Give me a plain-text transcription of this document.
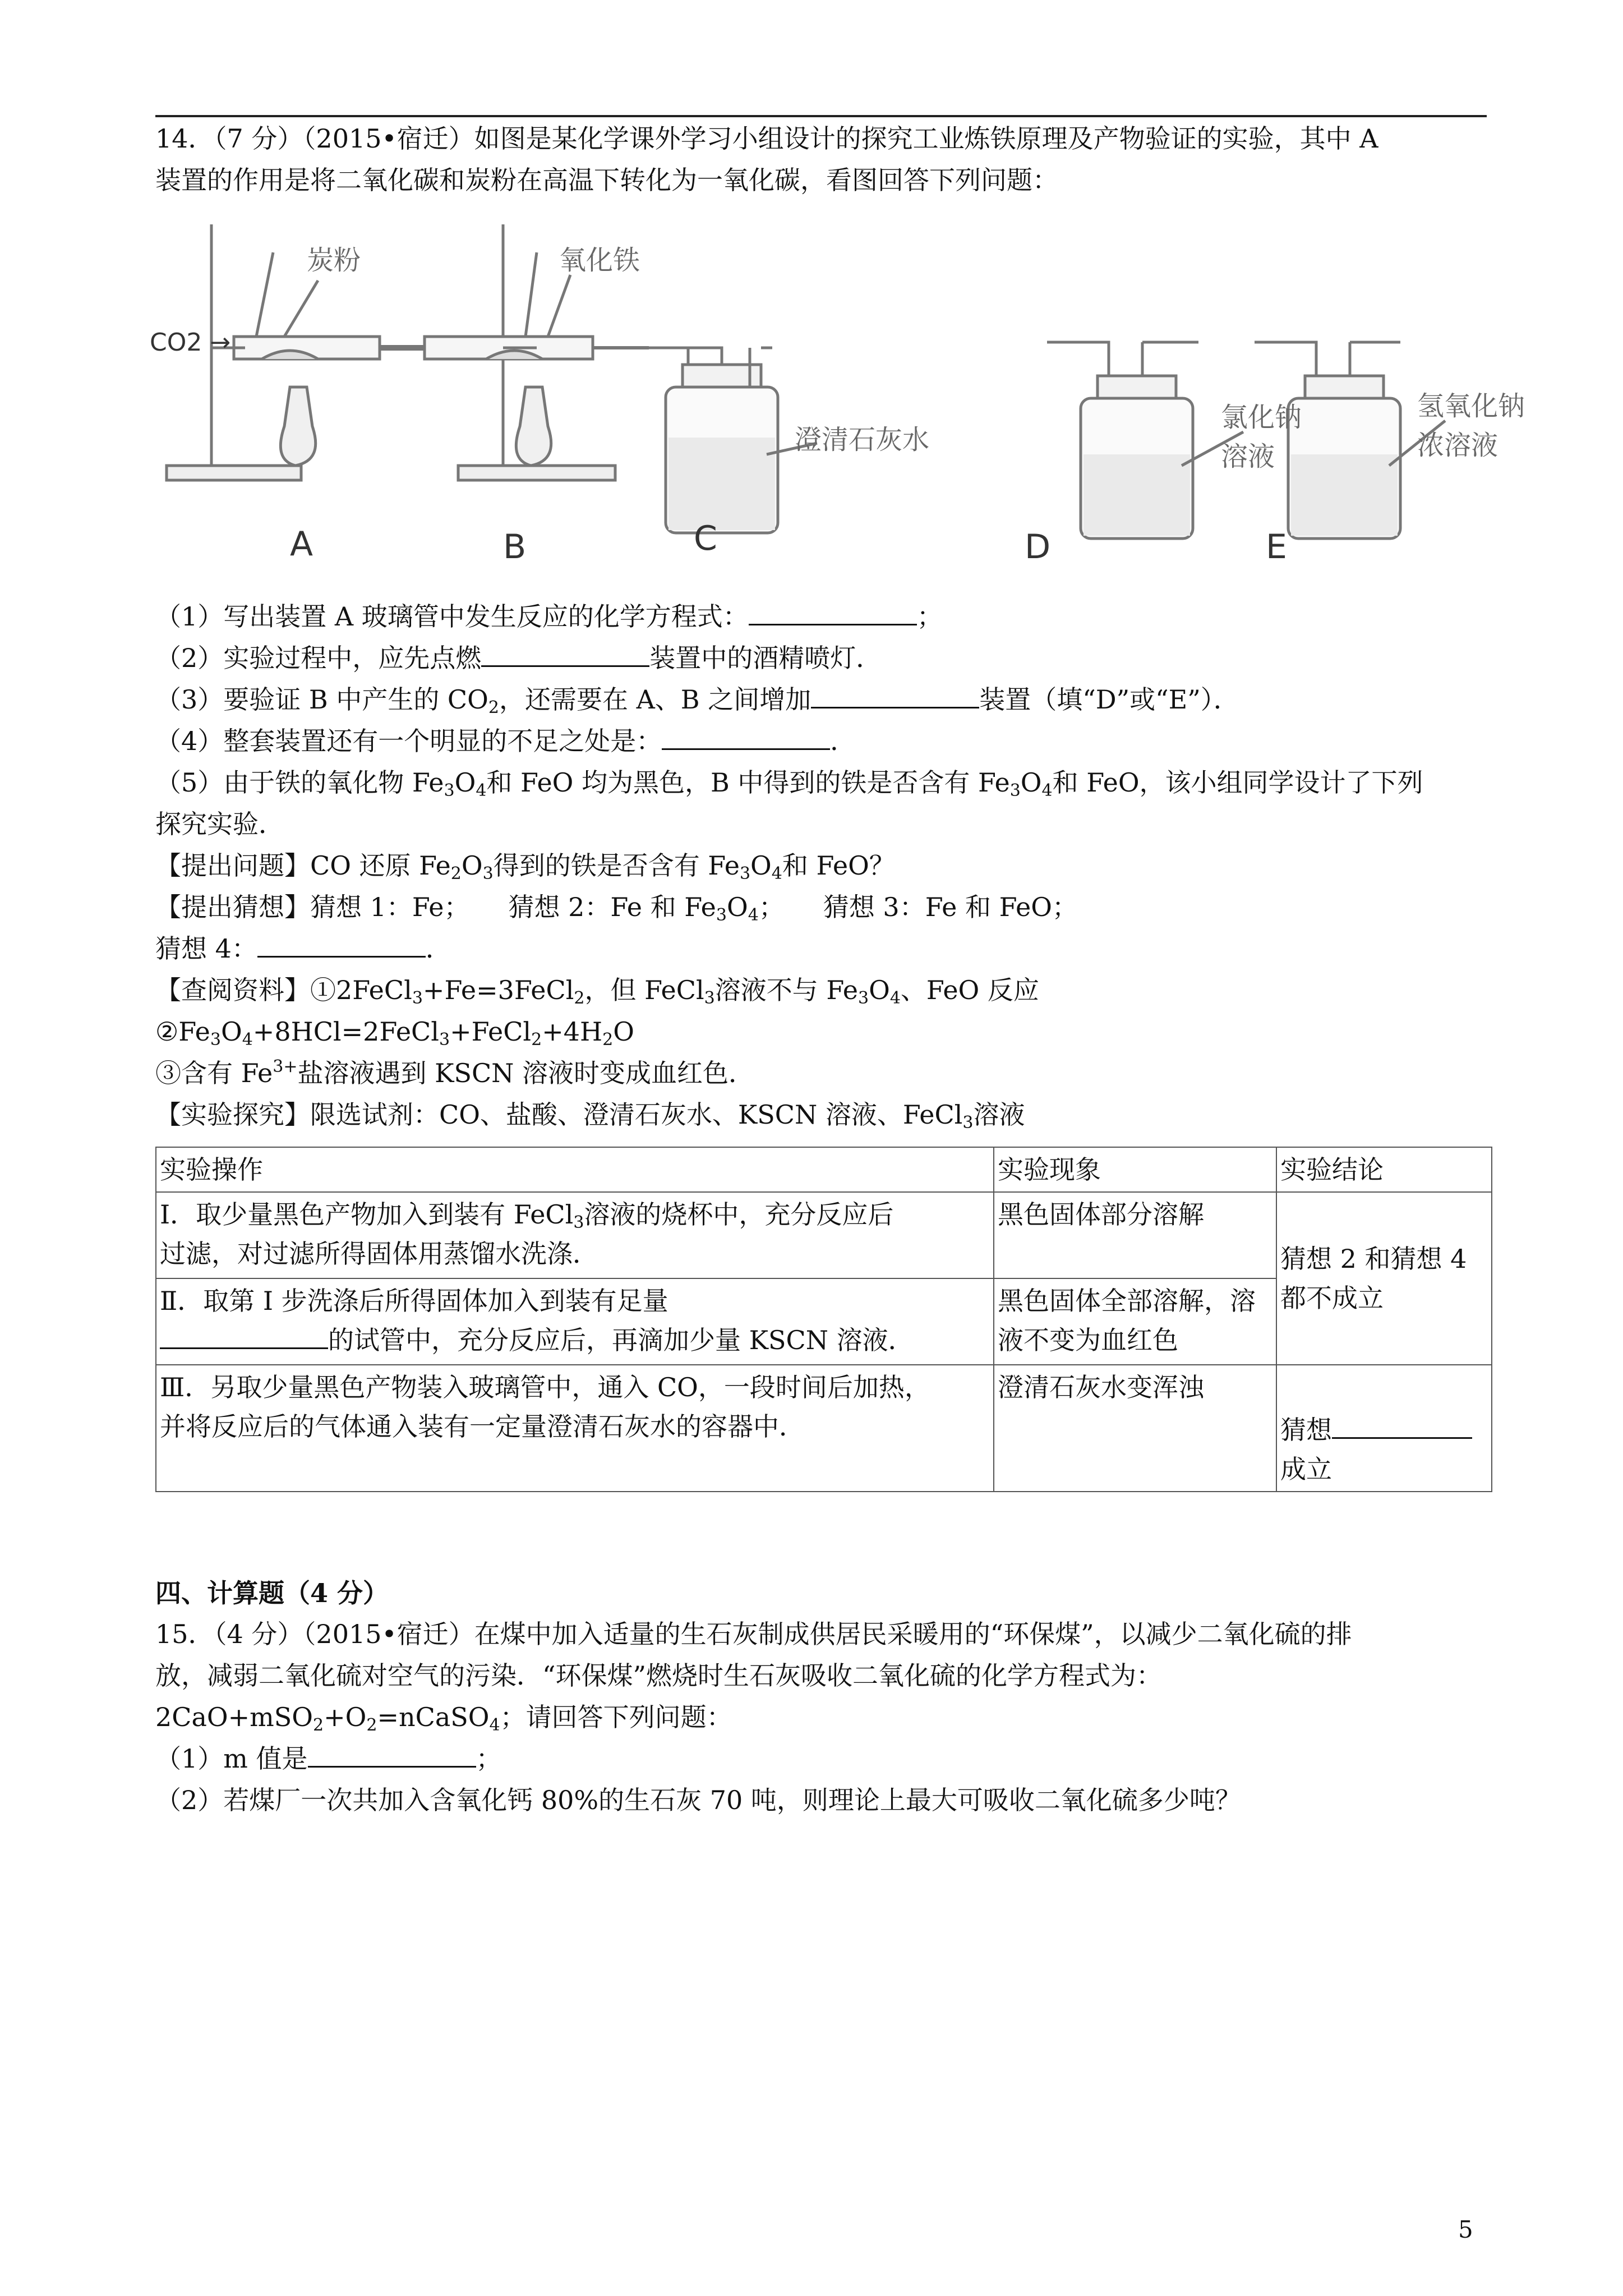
14．（7 分）（2015•宿迁）如图是某化学课外学习小组设计的探究工业炼铁原理及产物验证的实验，其中 A
装置的作用是将二氧化碳和炭粉在高温下转化为一氧化碳，看图回答下列问题：
CO2 →
炭粉	氧化铁
澄清石灰水
氯化钠
溶液
氢氧化钠
浓溶液
A	B	C	D	E
（1）写出装置 A 玻璃管中发生反应的化学方程式：	；
（2）实验过程中，应先点燃	装置中的酒精喷灯．
（3）要验证 B 中产生的 $CO_2$，还需要在 A、B 之间增加	装置（填“D”或“E”）．
（4）整套装置还有一个明显的不足之处是：	．
（5）由于铁的氧化物 $Fe_3O_4$和 FeO 均为黑色，B 中得到的铁是否含有 $Fe_3O_4$和 FeO，该小组同学设计了下列
探究实验．
【提出问题】CO 还原 $Fe_2O_3$得到的铁是否含有 $Fe_3O_4$和 FeO？
【提出猜想】猜想 1：Fe；　　猜想 2：Fe 和 $Fe_3O_4$；　　猜想 3：Fe 和 FeO；
猜想 4：	．
【查阅资料】①2FeCl$_3$+Fe=3FeCl$_2$，但 FeCl$_3$溶液不与 $Fe_3O_4$、FeO 反应
$②Fe_3O_4+8HCl=2FeCl_3+FeCl_2+4H_2O$
③含有 $Fe^{3+}$盐溶液遇到 KSCN 溶液时变成血红色．
【实验探究】限选试剂：CO、盐酸、澄清石灰水、KSCN 溶液、FeCl$_3$溶液
实验操作	实验现象	实验结论
Ⅰ．取少量黑色产物加入到装有 FeCl$_3$溶液的烧杯中，充分反应后
过滤，对过滤所得固体用蒸馏水洗涤．	黑色固体部分溶解	猜想 2 和猜想 4
都不成立
Ⅱ．取第 I 步洗涤后所得固体加入到装有足量
的试管中，充分反应后，再滴加少量 KSCN 溶液．	黑色固体全部溶解，溶
液不变为血红色	
Ⅲ．另取少量黑色产物装入玻璃管中，通入 CO，一段时间后加热，
并将反应后的气体通入装有一定量澄清石灰水的容器中．	澄清石灰水变浑浊	猜想
成立
四、计算题（4 分）
15．（4 分）（2015•宿迁）在煤中加入适量的生石灰制成供居民采暖用的“环保煤”，以减少二氧化硫的排
放，减弱二氧化硫对空气的污染．“环保煤”燃烧时生石灰吸收二氧化硫的化学方程式为：
$2CaO+mSO_2+O_2=nCaSO_4$；请回答下列问题：
（1）m 值是	；
（2）若煤厂一次共加入含氧化钙 80%的生石灰 70 吨，则理论上最大可吸收二氧化硫多少吨？
5
